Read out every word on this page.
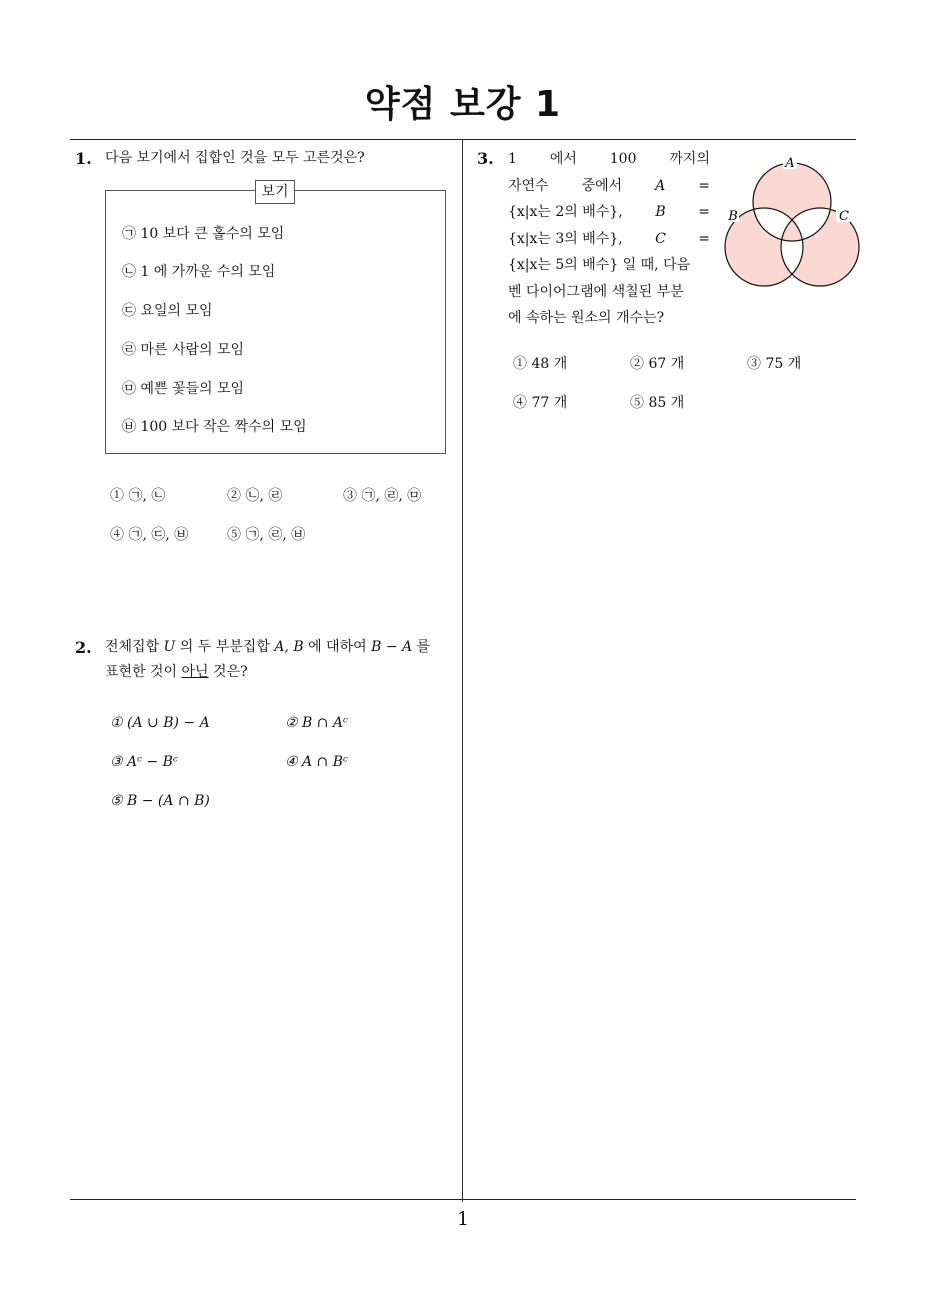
약점 보강 1
1. 다음 보기에서 집합인 것을 모두 고른것은?
보기
㉠ 10 보다 큰 홀수의 모임
㉡ 1 에 가까운 수의 모임
㉢ 요일의 모임
㉣ 마른 사람의 모임
㉤ 예쁜 꽃들의 모임
㉥ 100 보다 작은 짝수의 모임
① ㉠, ㉡	② ㉡, ㉣	③ ㉠, ㉣, ㉤
④ ㉠, ㉢, ㉥	⑤ ㉠, ㉣, ㉥
2. 전체집합 U 의 두 부분집합 A, B 에 대하여 B − A 를
표현한 것이 아닌 것은?
① (A ∪ B) − A	② B ∩ Aᶜ
③ Aᶜ − Bᶜ	④ A ∩ Bᶜ
⑤ B − (A ∩ B)
3. 1 에서 100 까지의
자연수 중에서 A =
{x|x는 2의 배수}, B =
{x|x는 3의 배수}, C =
{x|x는 5의 배수} 일 때, 다음
벤 다이어그램에 색칠된 부분
에 속하는 원소의 개수는?
A
B	C
① 48 개	② 67 개	③ 75 개
④ 77 개	⑤ 85 개
1
